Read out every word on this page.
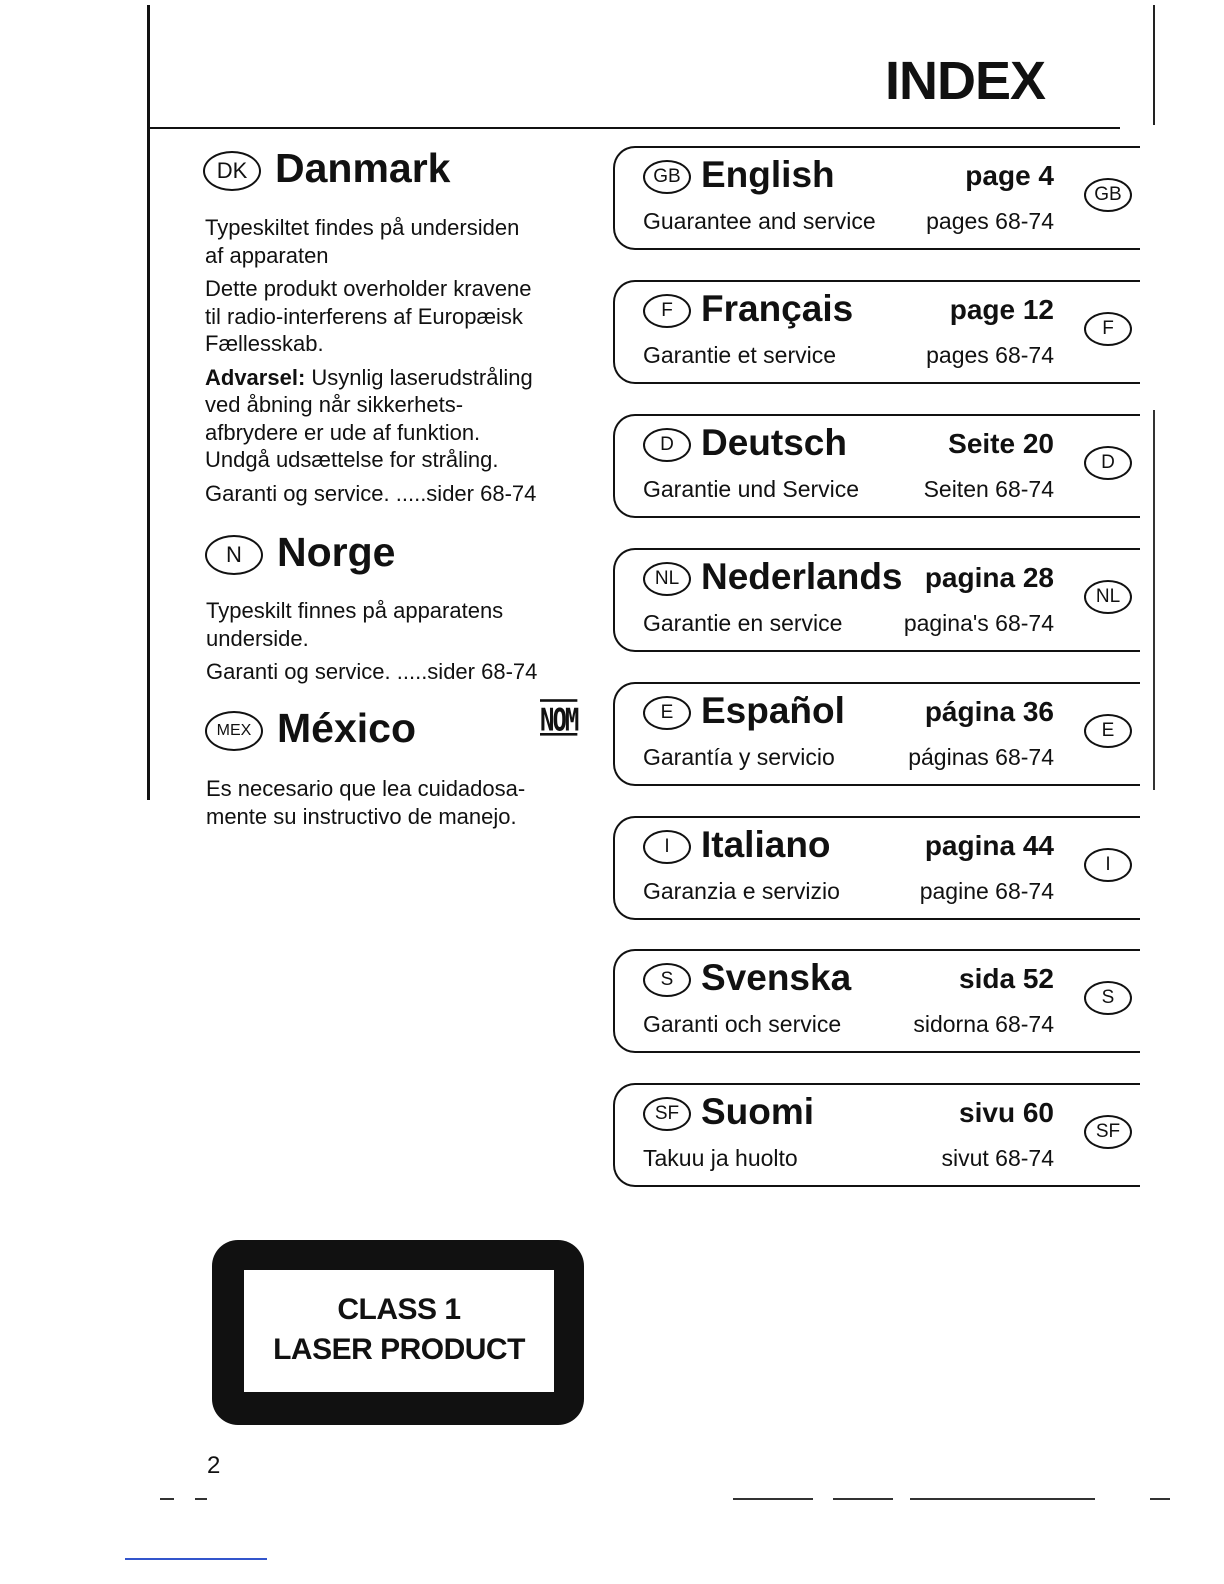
INDEX
DK Danmark
Typeskiltet findes på undersiden
af apparaten
Dette produkt overholder kravene
til radio-interferens af Europæisk
Fællesskab.
Advarsel: Usynlig laserudstråling
ved åbning når sikkerhets-
afbrydere er ude af funktion.
Undgå udsættelse for stråling.
Garanti og service. .....sider 68-74
N Norge
Typeskilt finnes på apparatens
underside.
Garanti og service. .....sider 68-74
MEX México	NOM
Es necesario que lea cuidadosa-
mente su instructivo de manejo.
GB English	page 4
Guarantee and service pages 68-74
GB
F Français	page 12
Garantie et service	pages 68-74
F
D Deutsch	Seite 20
Garantie und Service	Seiten 68-74
D
NL Nederlands pagina 28
Garantie en service	pagina's 68-74
NL
E Español	página 36
Garantía y servicio	páginas 68-74
E
I Italiano	pagina 44
Garanzia e servizio	pagine 68-74
I
S Svenska	sida 52
Garanti och service	sidorna 68-74
S
SF Suomi	sivu 60
Takuu ja huolto	sivut 68-74
SF
CLASS 1
LASER PRODUCT
2
